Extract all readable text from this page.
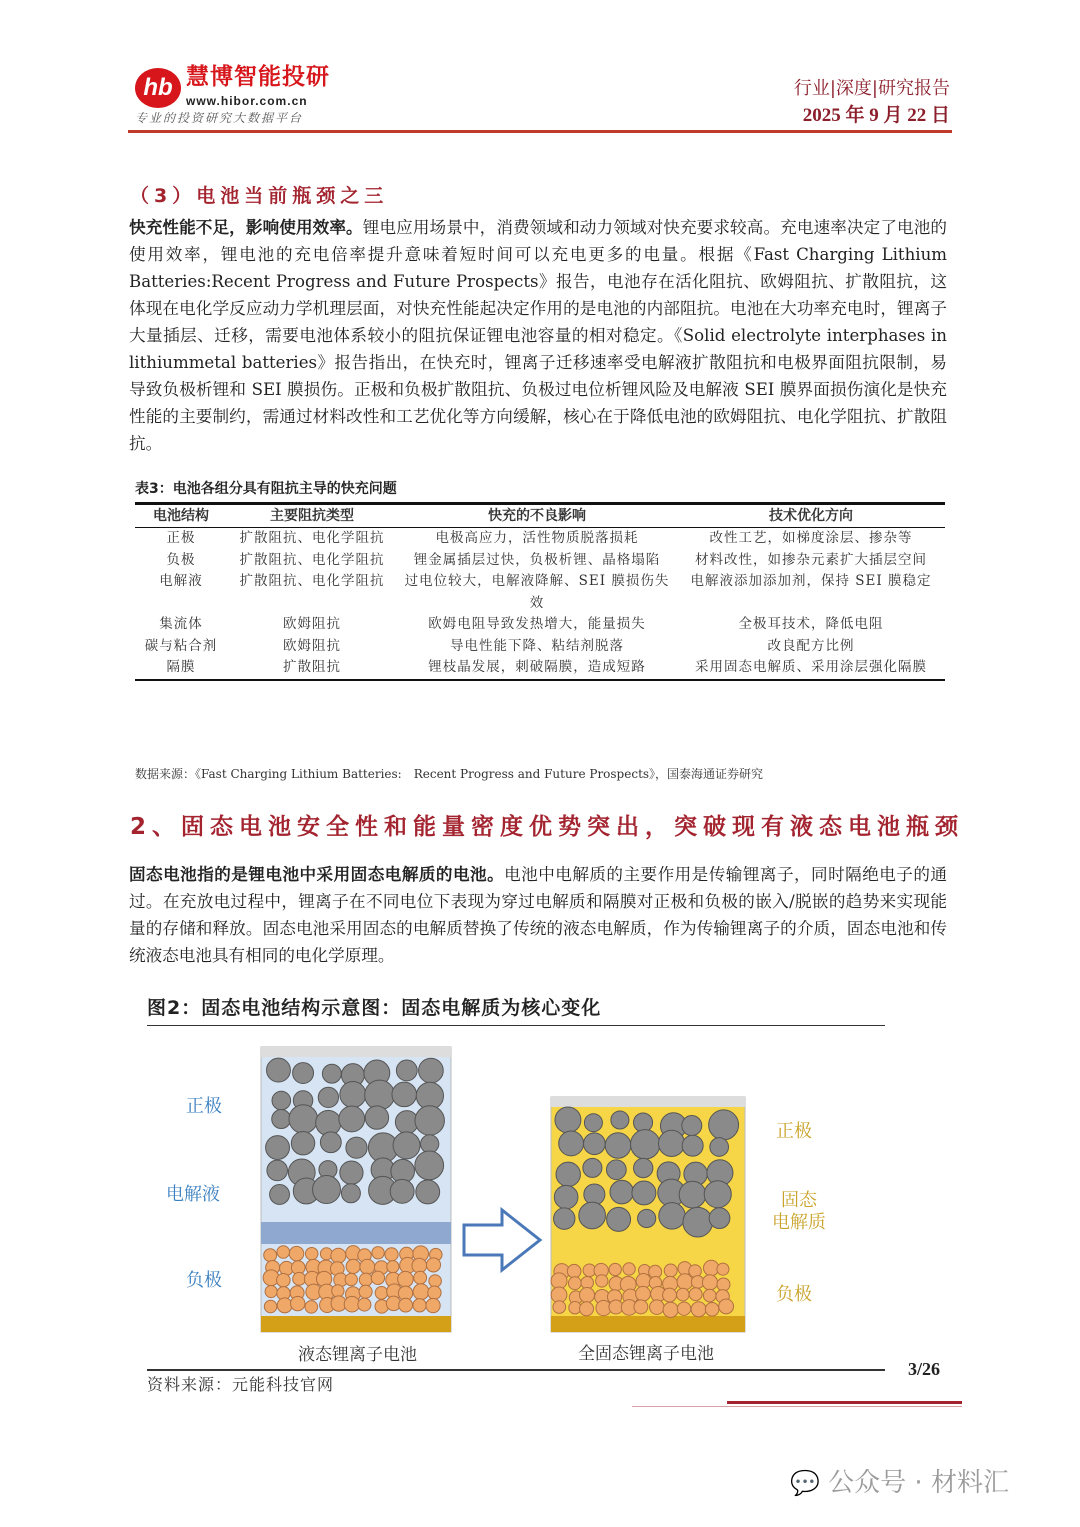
hb 慧博智能投研
www.hibor.com.cn
专业的投资研究大数据平台
行业|深度|研究报告
2025 年 9 月 22 日
（3）电池当前瓶颈之三
快充性能不足，影响使用效率。锂电应用场景中，消费领域和动力领域对快充要求较高。充电速率决定了电池的使用效率，锂电池的充电倍率提升意味着短时间可以充电更多的电量。根据《Fast Charging Lithium Batteries:Recent Progress and Future Prospects》报告，电池存在活化阻抗、欧姆阻抗、扩散阻抗，这体现在电化学反应动力学机理层面，对快充性能起决定作用的是电池的内部阻抗。电池在大功率充电时，锂离子大量插层、迁移，需要电池体系较小的阻抗保证锂电池容量的相对稳定。《Solid electrolyte interphases in lithiummetal batteries》报告指出，在快充时，锂离子迁移速率受电解液扩散阻抗和电极界面阻抗限制，易导致负极析锂和 SEI 膜损伤。正极和负极扩散阻抗、负极过电位析锂风险及电解液 SEI 膜界面损伤演化是快充性能的主要制约，需通过材料改性和工艺优化等方向缓解，核心在于降低电池的欧姆阻抗、电化学阻抗、扩散阻抗。
表3：电池各组分具有阻抗主导的快充问题
电池结构	主要阻抗类型	快充的不良影响	技术优化方向
正极	扩散阻抗、电化学阻抗	电极高应力，活性物质脱落损耗	改性工艺，如梯度涂层、掺杂等
负极	扩散阻抗、电化学阻抗	锂金属插层过快，负极析锂、晶格塌陷	材料改性，如掺杂元素扩大插层空间
电解液	扩散阻抗、电化学阻抗	过电位较大，电解液降解、SEI 膜损伤失效	电解液添加添加剂，保持 SEI 膜稳定
集流体	欧姆阻抗	欧姆电阻导致发热增大，能量损失	全极耳技术，降低电阻
碳与粘合剂	欧姆阻抗	导电性能下降、粘结剂脱落	改良配方比例
隔膜	扩散阻抗	锂枝晶发展，刺破隔膜，造成短路	采用固态电解质、采用涂层强化隔膜
数据来源：《Fast Charging Lithium Batteries:　Recent Progress and Future Prospects》，国泰海通证券研究
2、固态电池安全性和能量密度优势突出，突破现有液态电池瓶颈
固态电池指的是锂电池中采用固态电解质的电池。电池中电解质的主要作用是传输锂离子，同时隔绝电子的通过。在充放电过程中，锂离子在不同电位下表现为穿过电解质和隔膜对正极和负极的嵌入/脱嵌的趋势来实现能量的存储和释放。固态电池采用固态的电解质替换了传统的液态电解质，作为传输锂离子的介质，固态电池和传统液态电池具有相同的电化学原理。
图2：固态电池结构示意图：固态电解质为核心变化
正极
电解液
负极
正极
固态
电解质
负极
液态锂离子电池	全固态锂离子电池
资料来源：元能科技官网
3/26
💬 公众号 · 材料汇
